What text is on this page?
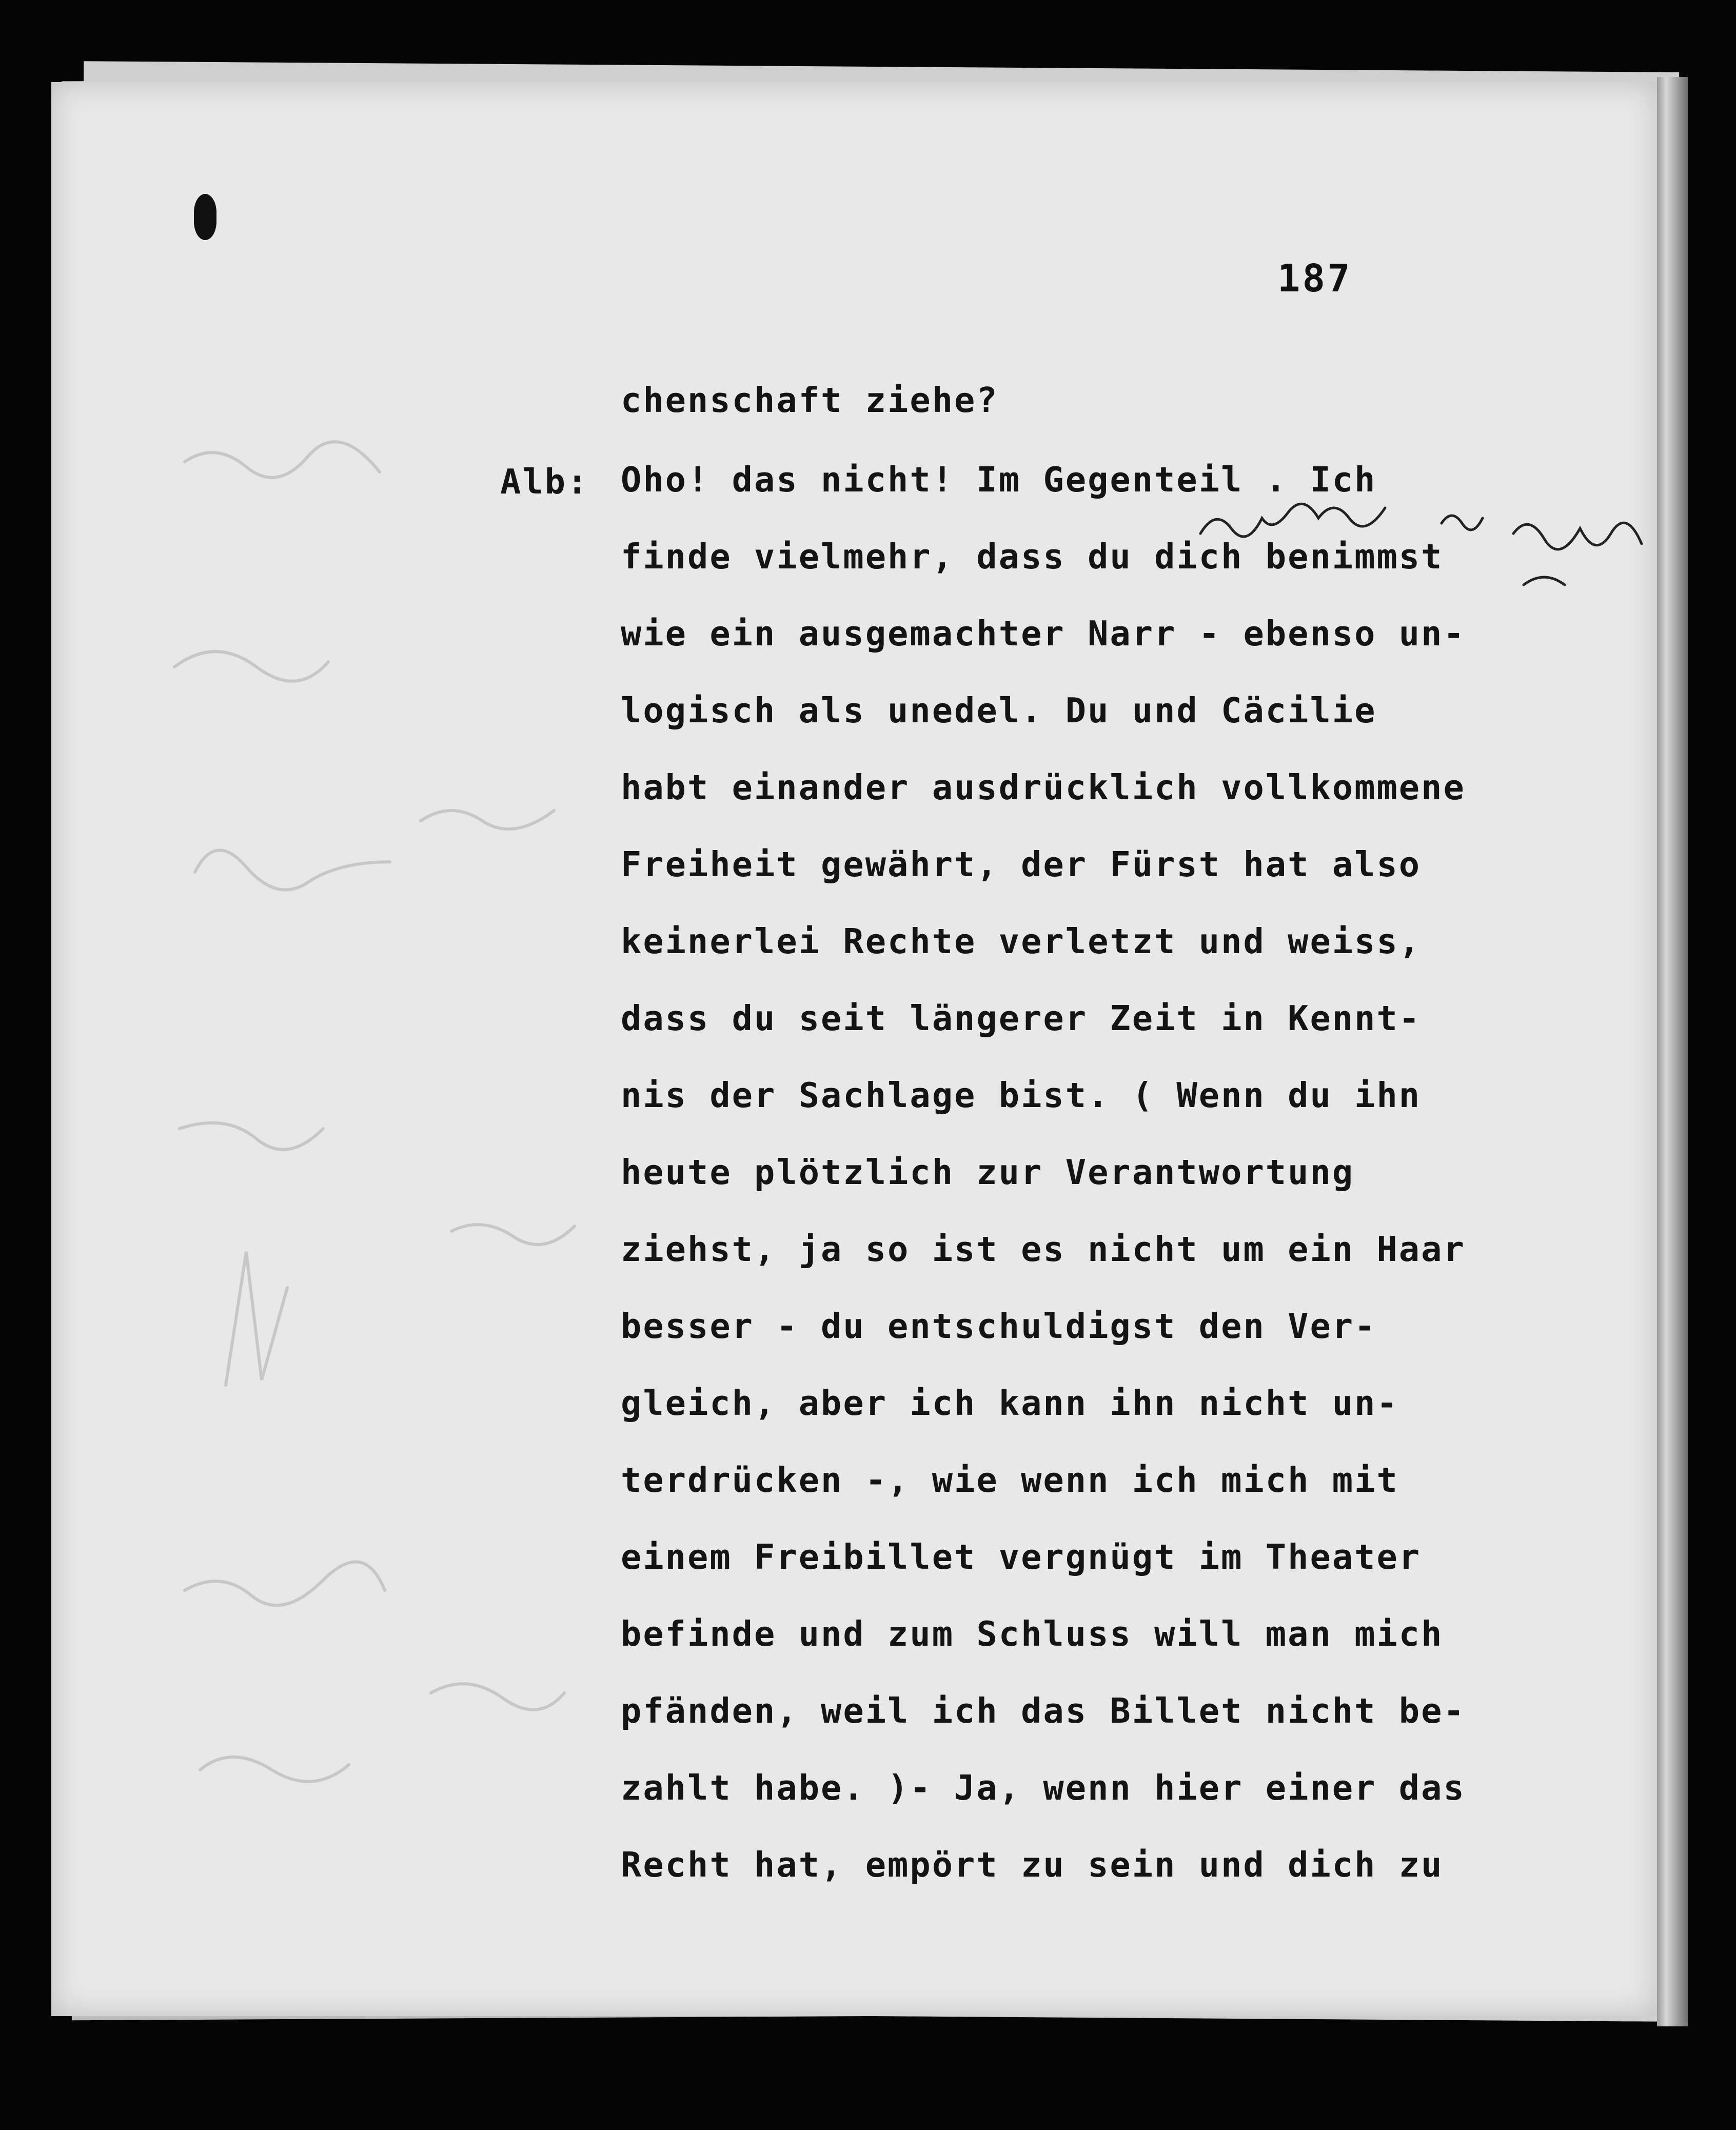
187
Alb:
chenschaft ziehe?
Oho! das nicht! Im Gegenteil . Ich
finde vielmehr, dass du dich benimmst
wie ein ausgemachter Narr - ebenso un-
logisch als unedel. Du und Cäcilie
habt einander ausdrücklich vollkommene
Freiheit gewährt, der Fürst hat also
keinerlei Rechte verletzt und weiss,
dass du seit längerer Zeit in Kennt-
nis der Sachlage bist. ( Wenn du ihn
heute plötzlich zur Verantwortung
ziehst, ja so ist es nicht um ein Haar
besser - du entschuldigst den Ver-
gleich, aber ich kann ihn nicht un-
terdrücken -, wie wenn ich mich mit
einem Freibillet vergnügt im Theater
befinde und zum Schluss will man mich
pfänden, weil ich das Billet nicht be-
zahlt habe. )- Ja, wenn hier einer das
Recht hat, empört zu sein und dich zu
